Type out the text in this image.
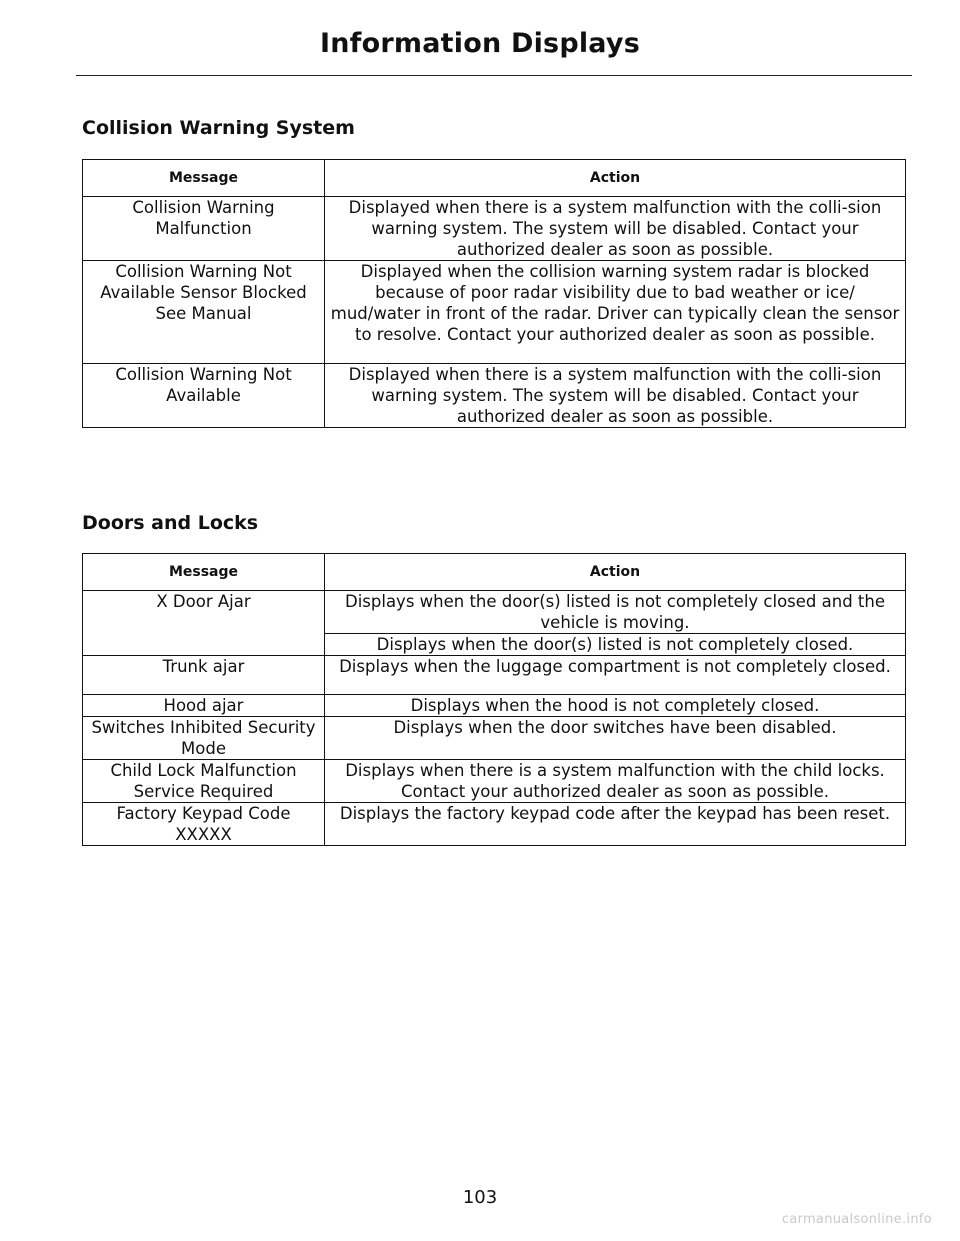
Information Displays
Collision Warning System
Message	Action
Collision Warning Malfunction	Displayed when there is a system malfunction with the colli-sion warning system. The system will be disabled. Contact your authorized dealer as soon as possible.
Collision Warning Not Available Sensor Blocked See Manual	Displayed when the collision warning system radar is blocked because of poor radar visibility due to bad weather or ice/ mud/water in front of the radar. Driver can typically clean the sensor to resolve. Contact your authorized dealer as soon as possible.
Collision Warning Not Available	Displayed when there is a system malfunction with the colli-sion warning system. The system will be disabled. Contact your authorized dealer as soon as possible.
Doors and Locks
Message	Action
X Door Ajar	Displays when the door(s) listed is not completely closed and the vehicle is moving.
	Displays when the door(s) listed is not completely closed.
Trunk ajar	Displays when the luggage compartment is not completely closed.
Hood ajar	Displays when the hood is not completely closed.
Switches Inhibited Security Mode	Displays when the door switches have been disabled.
Child Lock Malfunction Service Required	Displays when there is a system malfunction with the child locks. Contact your authorized dealer as soon as possible.
Factory Keypad Code XXXXX	Displays the factory keypad code after the keypad has been reset.
103
carmanualsonline.info
